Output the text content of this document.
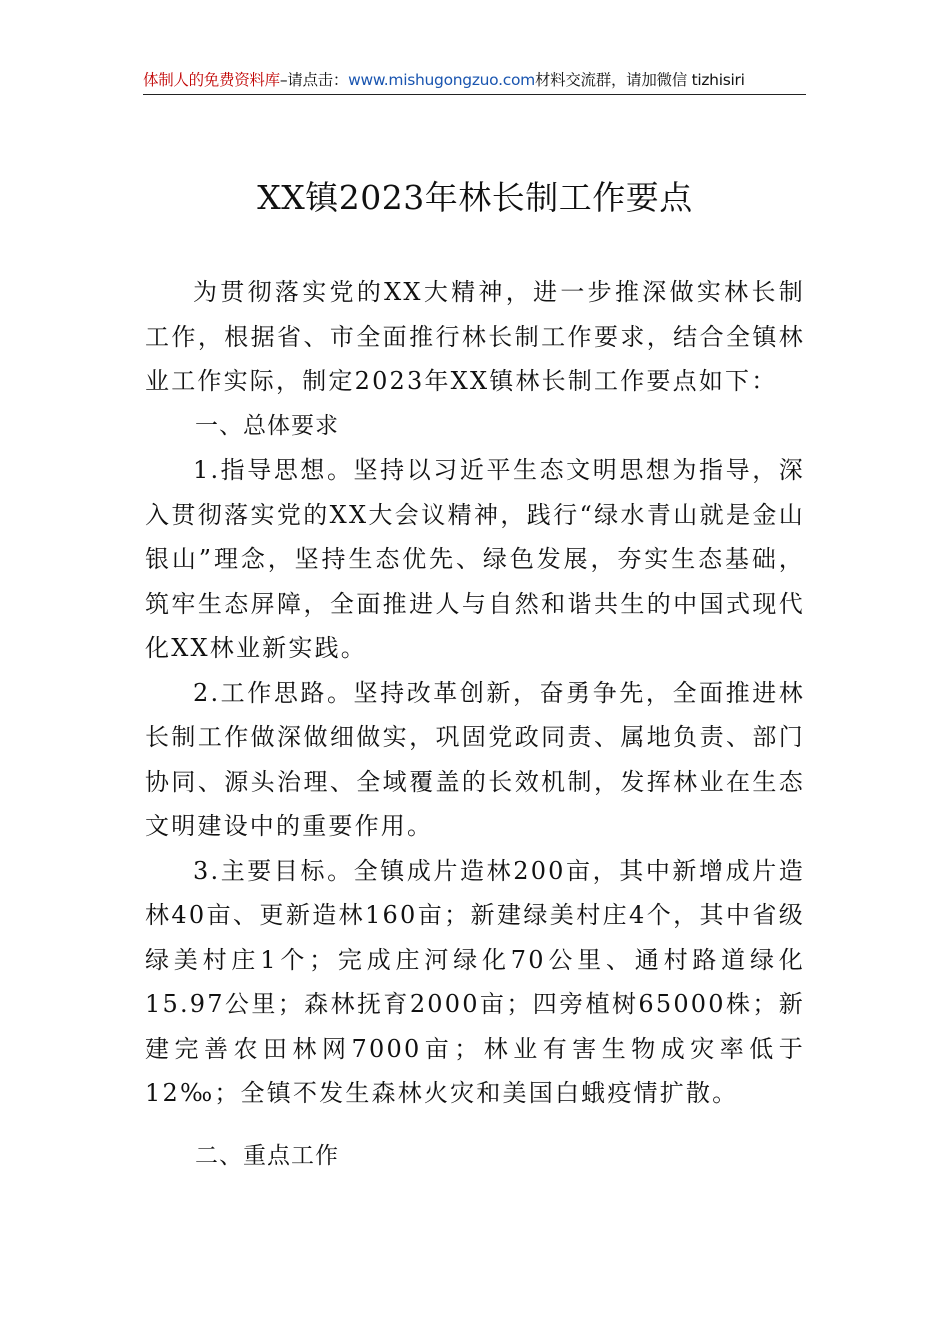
体制人的免费资料库–请点击：www.mishugongzuo.com材料交流群，请加微信 tizhisiri
XX镇2023年林长制工作要点

为贯彻落实党的XX大精神，进一步推深做实林长制工作，根据省、市全面推行林长制工作要求，结合全镇林业工作实际，制定2023年XX镇林长制工作要点如下：

一、总体要求

1.指导思想。坚持以习近平生态文明思想为指导，深入贯彻落实党的XX大会议精神，践行“绿水青山就是金山银山”理念，坚持生态优先、绿色发展，夯实生态基础，筑牢生态屏障，全面推进人与自然和谐共生的中国式现代化XX林业新实践。

2.工作思路。坚持改革创新，奋勇争先，全面推进林长制工作做深做细做实，巩固党政同责、属地负责、部门协同、源头治理、全域覆盖的长效机制，发挥林业在生态文明建设中的重要作用。

3.主要目标。全镇成片造林200亩，其中新增成片造林40亩、更新造林160亩；新建绿美村庄4个，其中省级绿美村庄1个；完成庄河绿化70公里、通村路道绿化15.97公里；森林抚育2000亩；四旁植树65000株；新建完善农田林网7000亩；林业有害生物成灾率低于12‰；全镇不发生森林火灾和美国白蛾疫情扩散。

二、重点工作
